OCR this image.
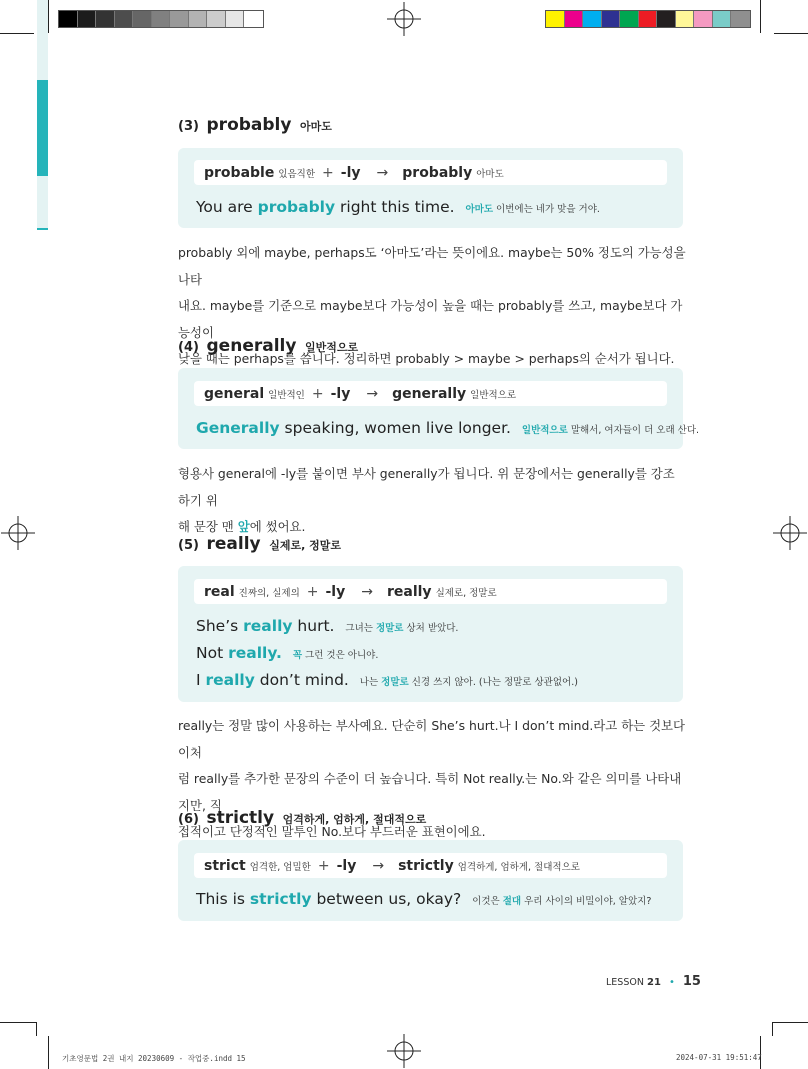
(3) probably 아마도
probable 있음직한 + -ly → probably 아마도
You are probably right this time. 아마도 이번에는 네가 맞을 거야.
probably 외에 maybe, perhaps도 ‘아마도’라는 뜻이에요. maybe는 50% 정도의 가능성을 나타
내요. maybe를 기준으로 maybe보다 가능성이 높을 때는 probably를 쓰고, maybe보다 가능성이
낮을 때는 perhaps를 씁니다. 정리하면 probably > maybe > perhaps의 순서가 됩니다.
(4) generally 일반적으로
general 일반적인 + -ly → generally 일반적으로
Generally speaking, women live longer. 일반적으로 말해서, 여자들이 더 오래 산다.
형용사 general에 -ly를 붙이면 부사 generally가 됩니다. 위 문장에서는 generally를 강조하기 위
해 문장 맨 앞에 썼어요.
(5) really 실제로, 정말로
real 진짜의, 실제의 + -ly → really 실제로, 정말로
She’s really hurt. 그녀는 정말로 상처 받았다.
Not really. 꼭 그런 것은 아니야.
I really don’t mind. 나는 정말로 신경 쓰지 않아. (나는 정말로 상관없어.)
really는 정말 많이 사용하는 부사예요. 단순히 She’s hurt.나 I don’t mind.라고 하는 것보다 이처
럼 really를 추가한 문장의 수준이 더 높습니다. 특히 Not really.는 No.와 같은 의미를 나타내지만, 직
접적이고 단정적인 말투인 No.보다 부드러운 표현이에요.
(6) strictly 엄격하게, 엄하게, 절대적으로
strict 엄격한, 엄밀한 + -ly → strictly 엄격하게, 엄하게, 절대적으로
This is strictly between us, okay? 이것은 절대 우리 사이의 비밀이야, 알았지?
LESSON 21 • 15
기초영문법 2권 내지 20230609 - 작업중.indd 15	2024-07-31 19:51:47
